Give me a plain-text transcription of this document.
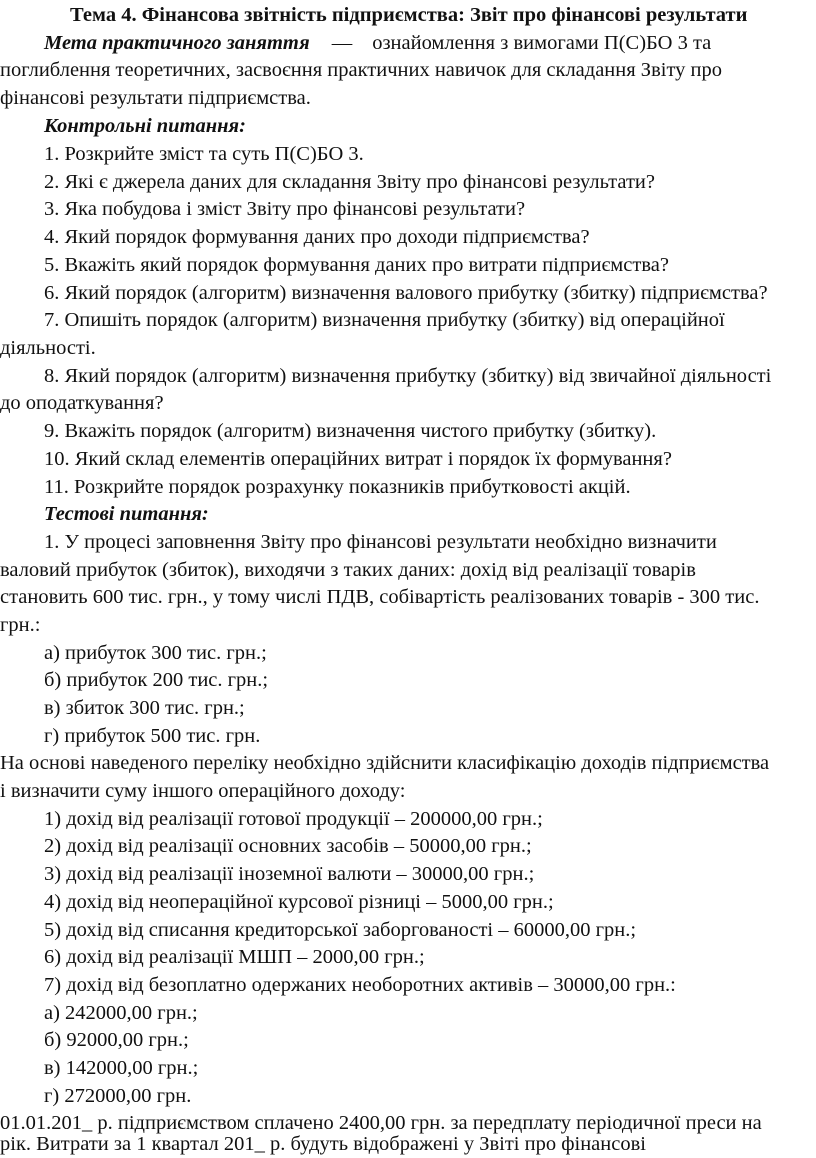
Тема 4. Фінансова звітність підприємства: Звіт про фінансові результати
Мета практичного заняття — ознайомлення з вимогами П(С)БО 3 та
поглиблення теоретичних, засвоєння практичних навичок для складання Звіту про
фінансові результати підприємства.
Контрольні питання:
1. Розкрийте зміст та суть П(С)БО 3.
2. Які є джерела даних для складання Звіту про фінансові результати?
3. Яка побудова і зміст Звіту про фінансові результати?
4. Який порядок формування даних про доходи підприємства?
5. Вкажіть який порядок формування даних про витрати підприємства?
6. Який порядок (алгоритм) визначення валового прибутку (збитку) підприємства?
7. Опишіть порядок (алгоритм) визначення прибутку (збитку) від операційної
діяльності.
8. Який порядок (алгоритм) визначення прибутку (збитку) від звичайної діяльності
до оподаткування?
9. Вкажіть порядок (алгоритм) визначення чистого прибутку (збитку).
10. Який склад елементів операційних витрат і порядок їх формування?
11. Розкрийте порядок розрахунку показників прибутковості акцій.
Тестові питання:
1. У процесі заповнення Звіту про фінансові результати необхідно визначити
валовий прибуток (збиток), виходячи з таких даних: дохід від реалізації товарів
становить 600 тис. грн., у тому числі ПДВ, собівартість реалізованих товарів - 300 тис.
грн.:
а) прибуток 300 тис. грн.;
б) прибуток 200 тис. грн.;
в) збиток 300 тис. грн.;
г) прибуток 500 тис. грн.
На основі наведеного переліку необхідно здійснити класифікацію доходів підприємства
і визначити суму іншого операційного доходу:
1) дохід від реалізації готової продукції – 200000,00 грн.;
2) дохід від реалізації основних засобів – 50000,00 грн.;
3) дохід від реалізації іноземної валюти – 30000,00 грн.;
4) дохід від неопераційної курсової різниці – 5000,00 грн.;
5) дохід від списання кредиторської заборгованості – 60000,00 грн.;
6) дохід від реалізації МШП – 2000,00 грн.;
7) дохід від безоплатно одержаних необоротних активів – 30000,00 грн.:
а) 242000,00 грн.;
б) 92000,00 грн.;
в) 142000,00 грн.;
г) 272000,00 грн.
01.01.201_ р. підприємством сплачено 2400,00 грн. за передплату періодичної преси на
рік. Витрати за 1 квартал 201_ р. будуть відображені у Звіті про фінансові
